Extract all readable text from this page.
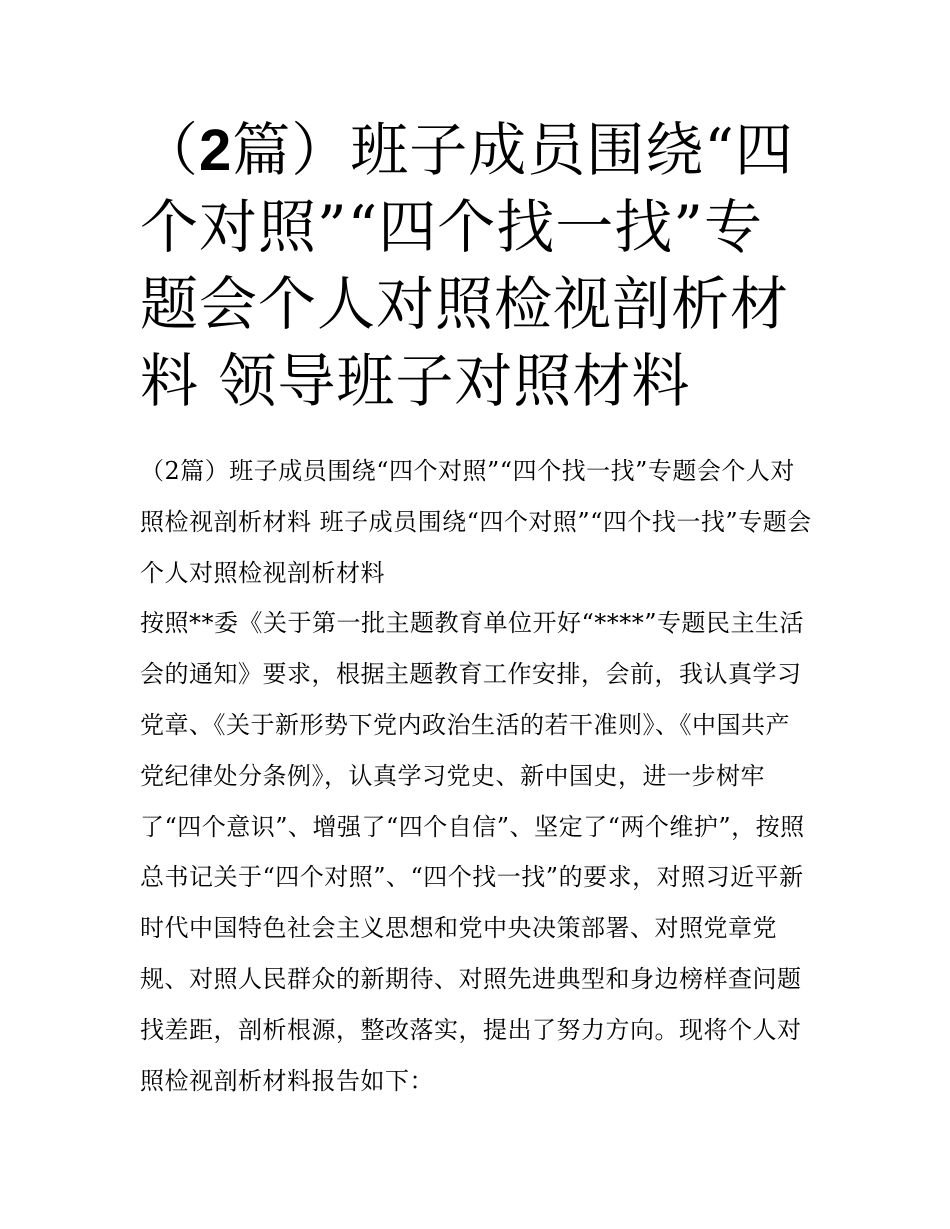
（2篇）班子成员围绕“四个对照”“四个找一找”专题会个人对照检视剖析材料 领导班子对照材料

（2篇）班子成员围绕“四个对照”“四个找一找”专题会个人对照检视剖析材料 班子成员围绕“四个对照”“四个找一找”专题会 个人对照检视剖析材料

按照**委《关于第一批主题教育单位开好“****”专题民主生活会的通知》要求，根据主题教育工作安排，会前，我认真学习党章、《关于新形势下党内政治生活的若干准则》、《中国共产党纪律处分条例》，认真学习党史、新中国史，进一步树牢了“四个意识”、增强了“四个自信”、坚定了“两个维护”，按照总书记关于“四个对照”、“四个找一找”的要求，对照习近平新时代中国特色社会主义思想和党中央决策部署、对照党章党规、对照人民群众的新期待、对照先进典型和身边榜样查问题找差距，剖析根源，整改落实，提出了努力方向。现将个人对照检视剖析材料报告如下：
